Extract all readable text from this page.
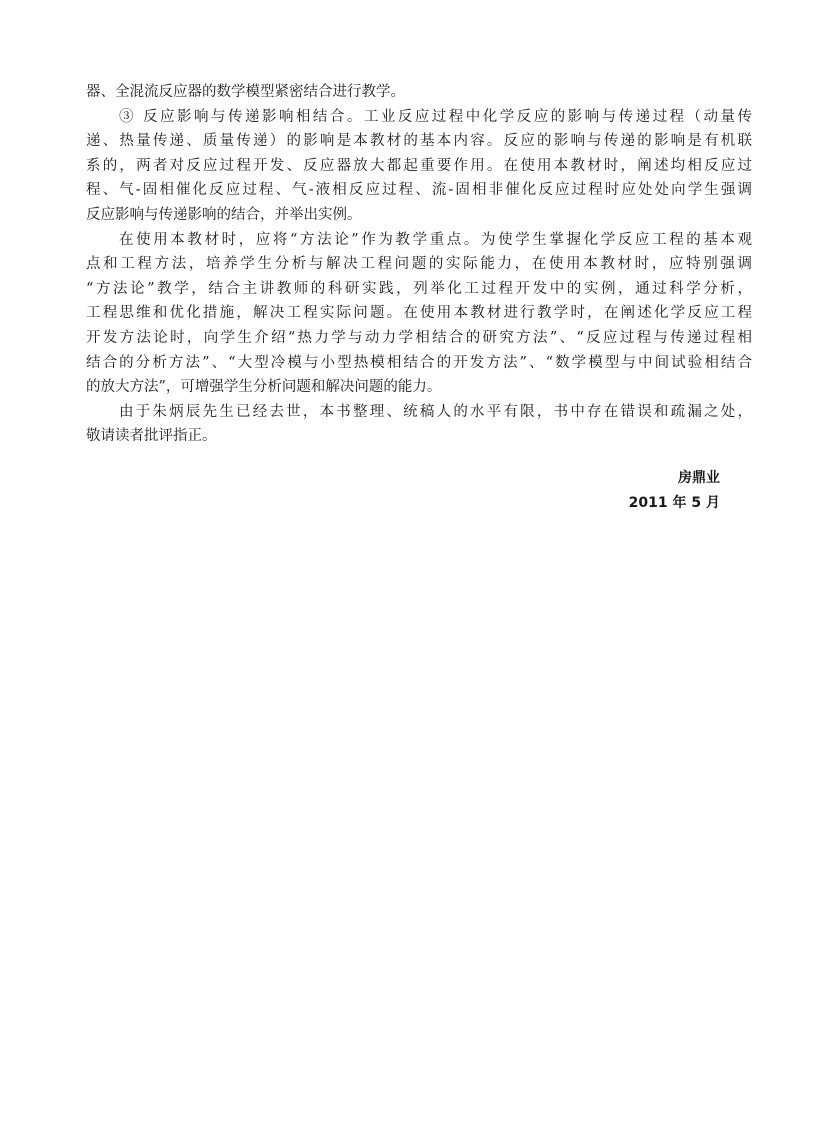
器、全混流反应器的数学模型紧密结合进行教学。
③ 反应影响与传递影响相结合。工业反应过程中化学反应的影响与传递过程（动量传
递、热量传递、质量传递）的影响是本教材的基本内容。反应的影响与传递的影响是有机联
系的，两者对反应过程开发、反应器放大都起重要作用。在使用本教材时，阐述均相反应过
程、气-固相催化反应过程、气-液相反应过程、流-固相非催化反应过程时应处处向学生强调
反应影响与传递影响的结合，并举出实例。
在使用本教材时，应将“方法论”作为教学重点。为使学生掌握化学反应工程的基本观
点和工程方法，培养学生分析与解决工程问题的实际能力，在使用本教材时，应特别强调
“方法论”教学，结合主讲教师的科研实践，列举化工过程开发中的实例，通过科学分析，
工程思维和优化措施，解决工程实际问题。在使用本教材进行教学时，在阐述化学反应工程
开发方法论时，向学生介绍“热力学与动力学相结合的研究方法”、“反应过程与传递过程相
结合的分析方法”、“大型冷模与小型热模相结合的开发方法”、“数学模型与中间试验相结合
的放大方法”，可增强学生分析问题和解决问题的能力。
由于朱炳辰先生已经去世，本书整理、统稿人的水平有限，书中存在错误和疏漏之处，
敬请读者批评指正。
房鼎业
2011 年 5 月
